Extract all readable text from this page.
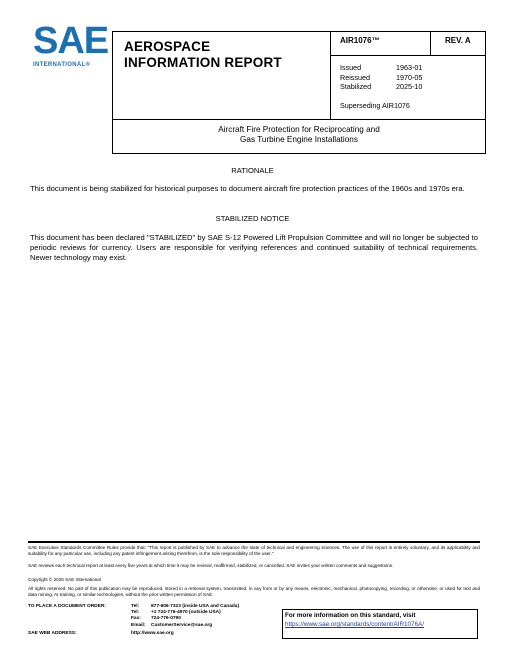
SAE
INTERNATIONAL®
AEROSPACE
INFORMATION REPORT
AIR1076™	REV. A
Issued	1963-01
Reissued	1970-05
Stabilized	2025-10
Superseding AIR1076
Aircraft Fire Protection for Reciprocating and
Gas Turbine Engine Installations
RATIONALE
This document is being stabilized for historical purposes to document aircraft fire protection practices of the 1960s and 1970s era.
STABILIZED NOTICE
This document has been declared "STABILIZED" by SAE S-12 Powered Lift Propulsion Committee and will no longer be subjected to periodic reviews for currency. Users are responsible for verifying references and continued suitability of technical requirements. Newer technology may exist.
SAE Executive Standards Committee Rules provide that: "This report is published by SAE to advance the state of technical and engineering sciences. The use of this report is entirely voluntary, and its applicability and suitability for any particular use, including any patent infringement arising therefrom, is the sole responsibility of the user."
SAE reviews each technical report at least every five years at which time it may be revised, reaffirmed, stabilized, or cancelled. SAE invites your written comments and suggestions.
Copyright © 2025 SAE International
All rights reserved. No part of this publication may be reproduced, stored in a retrieval system, transmitted, in any form or by any means, electronic, mechanical, photocopying, recording, or otherwise, or used for text and data mining, AI training, or similar technologies, without the prior written permission of SAE.
TO PLACE A DOCUMENT ORDER:	Tel:	877-606-7323 (inside USA and Canada)
Tel:	+1 724-776-4970 (outside USA)
Fax:	724-776-0790
Email:	CustomerService@sae.org
SAE WEB ADDRESS:	http://www.sae.org
For more information on this standard, visit
https://www.sae.org/standards/content/AIR1076A/
